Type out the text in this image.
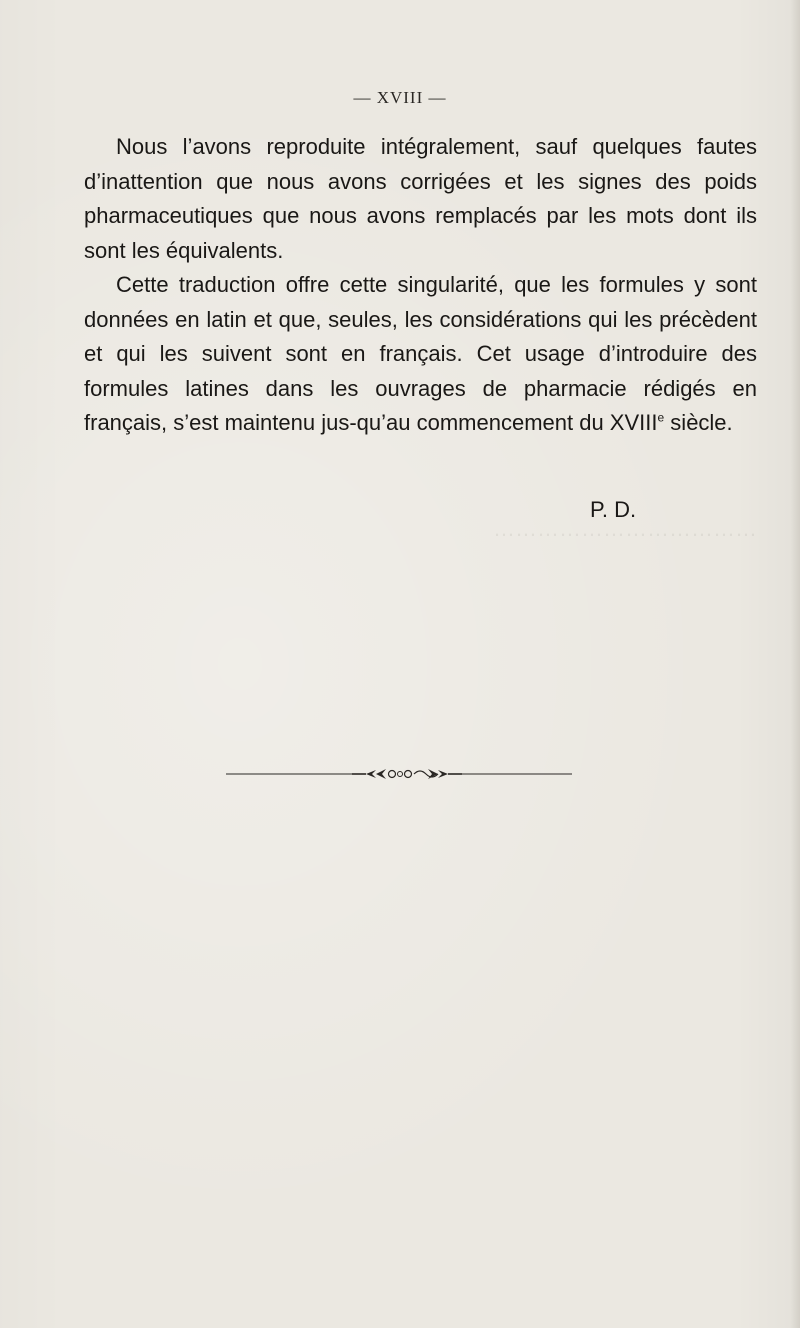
………………………………
— XVIII —

Nous l’avons reproduite intégralement, sauf quelques fautes d’inattention que nous avons corrigées et les signes des poids pharmaceutiques que nous avons remplacés par les mots dont ils sont les équivalents.

Cette traduction offre cette singularité, que les formules y sont données en latin et que, seules, les considérations qui les précèdent et qui les suivent sont en français. Cet usage d’introduire des formules latines dans les ouvrages de pharmacie rédigés en français, s’est maintenu jus-qu’au commencement du XVIIIe siècle.

P. D.
